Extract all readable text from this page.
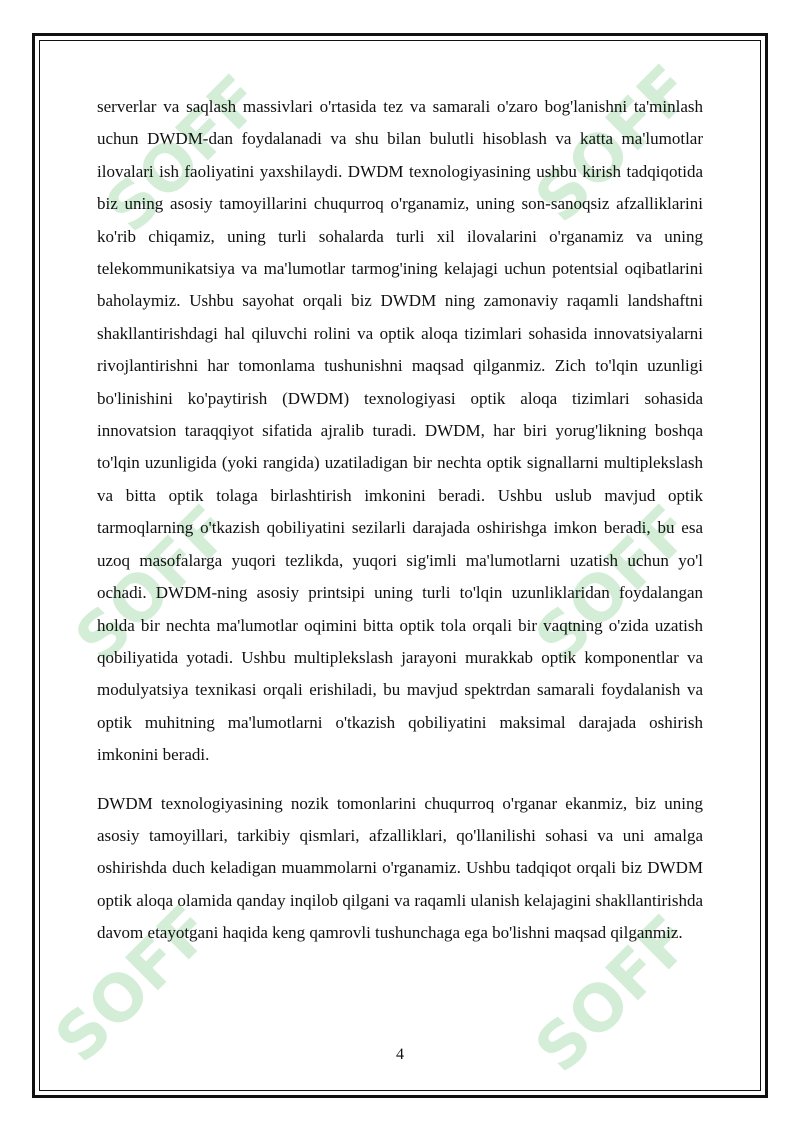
SOFF	SOFF
SOFF	SOFF
SOFF	SOFF

serverlar va saqlash massivlari o'rtasida tez va samarali o'zaro bog'lanishni ta'minlash uchun DWDM-dan foydalanadi va shu bilan bulutli hisoblash va katta ma'lumotlar ilovalari ish faoliyatini yaxshilaydi. DWDM texnologiyasining ushbu kirish tadqiqotida biz uning asosiy tamoyillarini chuqurroq o'rganamiz, uning son-sanoqsiz afzalliklarini ko'rib chiqamiz, uning turli sohalarda turli xil ilovalarini o'rganamiz va uning telekommunikatsiya va ma'lumotlar tarmog'ining kelajagi uchun potentsial oqibatlarini baholaymiz. Ushbu sayohat orqali biz DWDM ning zamonaviy raqamli landshaftni shakllantirishdagi hal qiluvchi rolini va optik aloqa tizimlari sohasida innovatsiyalarni rivojlantirishni har tomonlama tushunishni maqsad qilganmiz. Zich to'lqin uzunligi bo'linishini ko'paytirish (DWDM) texnologiyasi optik aloqa tizimlari sohasida innovatsion taraqqiyot sifatida ajralib turadi. DWDM, har biri yorug'likning boshqa to'lqin uzunligida (yoki rangida) uzatiladigan bir nechta optik signallarni multiplekslash va bitta optik tolaga birlashtirish imkonini beradi. Ushbu uslub mavjud optik tarmoqlarning o'tkazish qobiliyatini sezilarli darajada oshirishga imkon beradi, bu esa uzoq masofalarga yuqori tezlikda, yuqori sig'imli ma'lumotlarni uzatish uchun yo'l ochadi. DWDM-ning asosiy printsipi uning turli to'lqin uzunliklaridan foydalangan holda bir nechta ma'lumotlar oqimini bitta optik tola orqali bir vaqtning o'zida uzatish qobiliyatida yotadi. Ushbu multiplekslash jarayoni murakkab optik komponentlar va modulyatsiya texnikasi orqali erishiladi, bu mavjud spektrdan samarali foydalanish va optik muhitning ma'lumotlarni o'tkazish qobiliyatini maksimal darajada oshirish imkonini beradi.

DWDM texnologiyasining nozik tomonlarini chuqurroq o'rganar ekanmiz, biz uning asosiy tamoyillari, tarkibiy qismlari, afzalliklari, qo'llanilishi sohasi va uni amalga oshirishda duch keladigan muammolarni o'rganamiz. Ushbu tadqiqot orqali biz DWDM optik aloqa olamida qanday inqilob qilgani va raqamli ulanish kelajagini shakllantirishda davom etayotgani haqida keng qamrovli tushunchaga ega bo'lishni maqsad qilganmiz.

4
